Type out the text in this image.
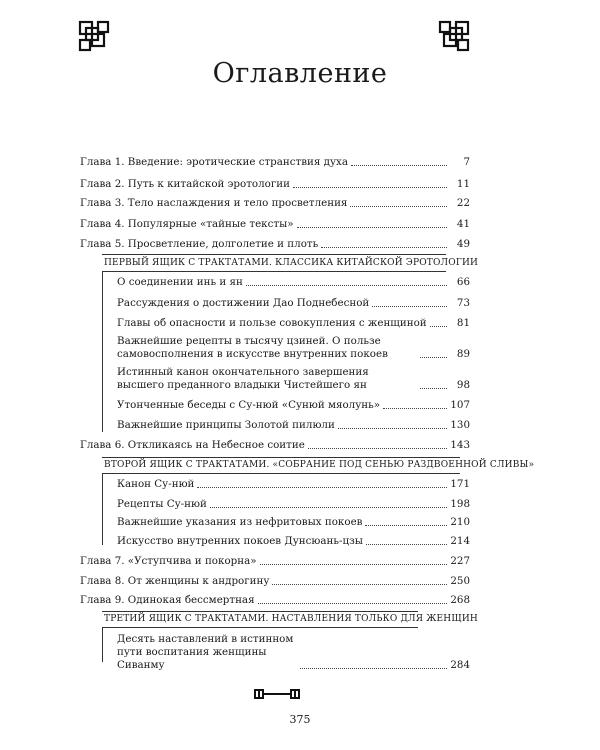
Оглавление
Глава 1. Введение: эротические странствия духа	7
Глава 2. Путь к китайской эротологии	11
Глава 3. Тело наслаждения и тело просветления	22
Глава 4. Популярные «тайные тексты»	41
Глава 5. Просветление, долголетие и плоть	49
ПЕРВЫЙ ЯЩИК С ТРАКТАТАМИ. КЛАССИКА КИТАЙСКОЙ ЭРОТОЛОГИИ
О соединении инь и ян	66
Рассуждения о достижении Дао Поднебесной	73
Главы об опасности и пользе совокупления с женщиной	81
Важнейшие рецепты в тысячу цзиней. О пользе самовосполнения в искусстве внутренних покоев	89
Истинный канон окончательного завершения высшего преданного владыки Чистейшего ян	98
Утонченные беседы с Су-нюй «Сунюй мяолунь»	107
Важнейшие принципы Золотой пилюли	130
Глава 6. Откликаясь на Небесное соитие	143
ВТОРОЙ ЯЩИК С ТРАКТАТАМИ. «СОБРАНИЕ ПОД СЕНЬЮ РАЗДВОЕННОЙ СЛИВЫ»
Канон Су-нюй	171
Рецепты Су-нюй	198
Важнейшие указания из нефритовых покоев	210
Искусство внутренних покоев Дунсюань-цзы	214
Глава 7. «Уступчива и покорна»	227
Глава 8. От женщины к андрогину	250
Глава 9. Одинокая бессмертная	268
ТРЕТИЙ ЯЩИК С ТРАКТАТАМИ. НАСТАВЛЕНИЯ ТОЛЬКО ДЛЯ ЖЕНЩИН
Десять наставлений в истинном пути воспитания женщины Сиванму	284
375
